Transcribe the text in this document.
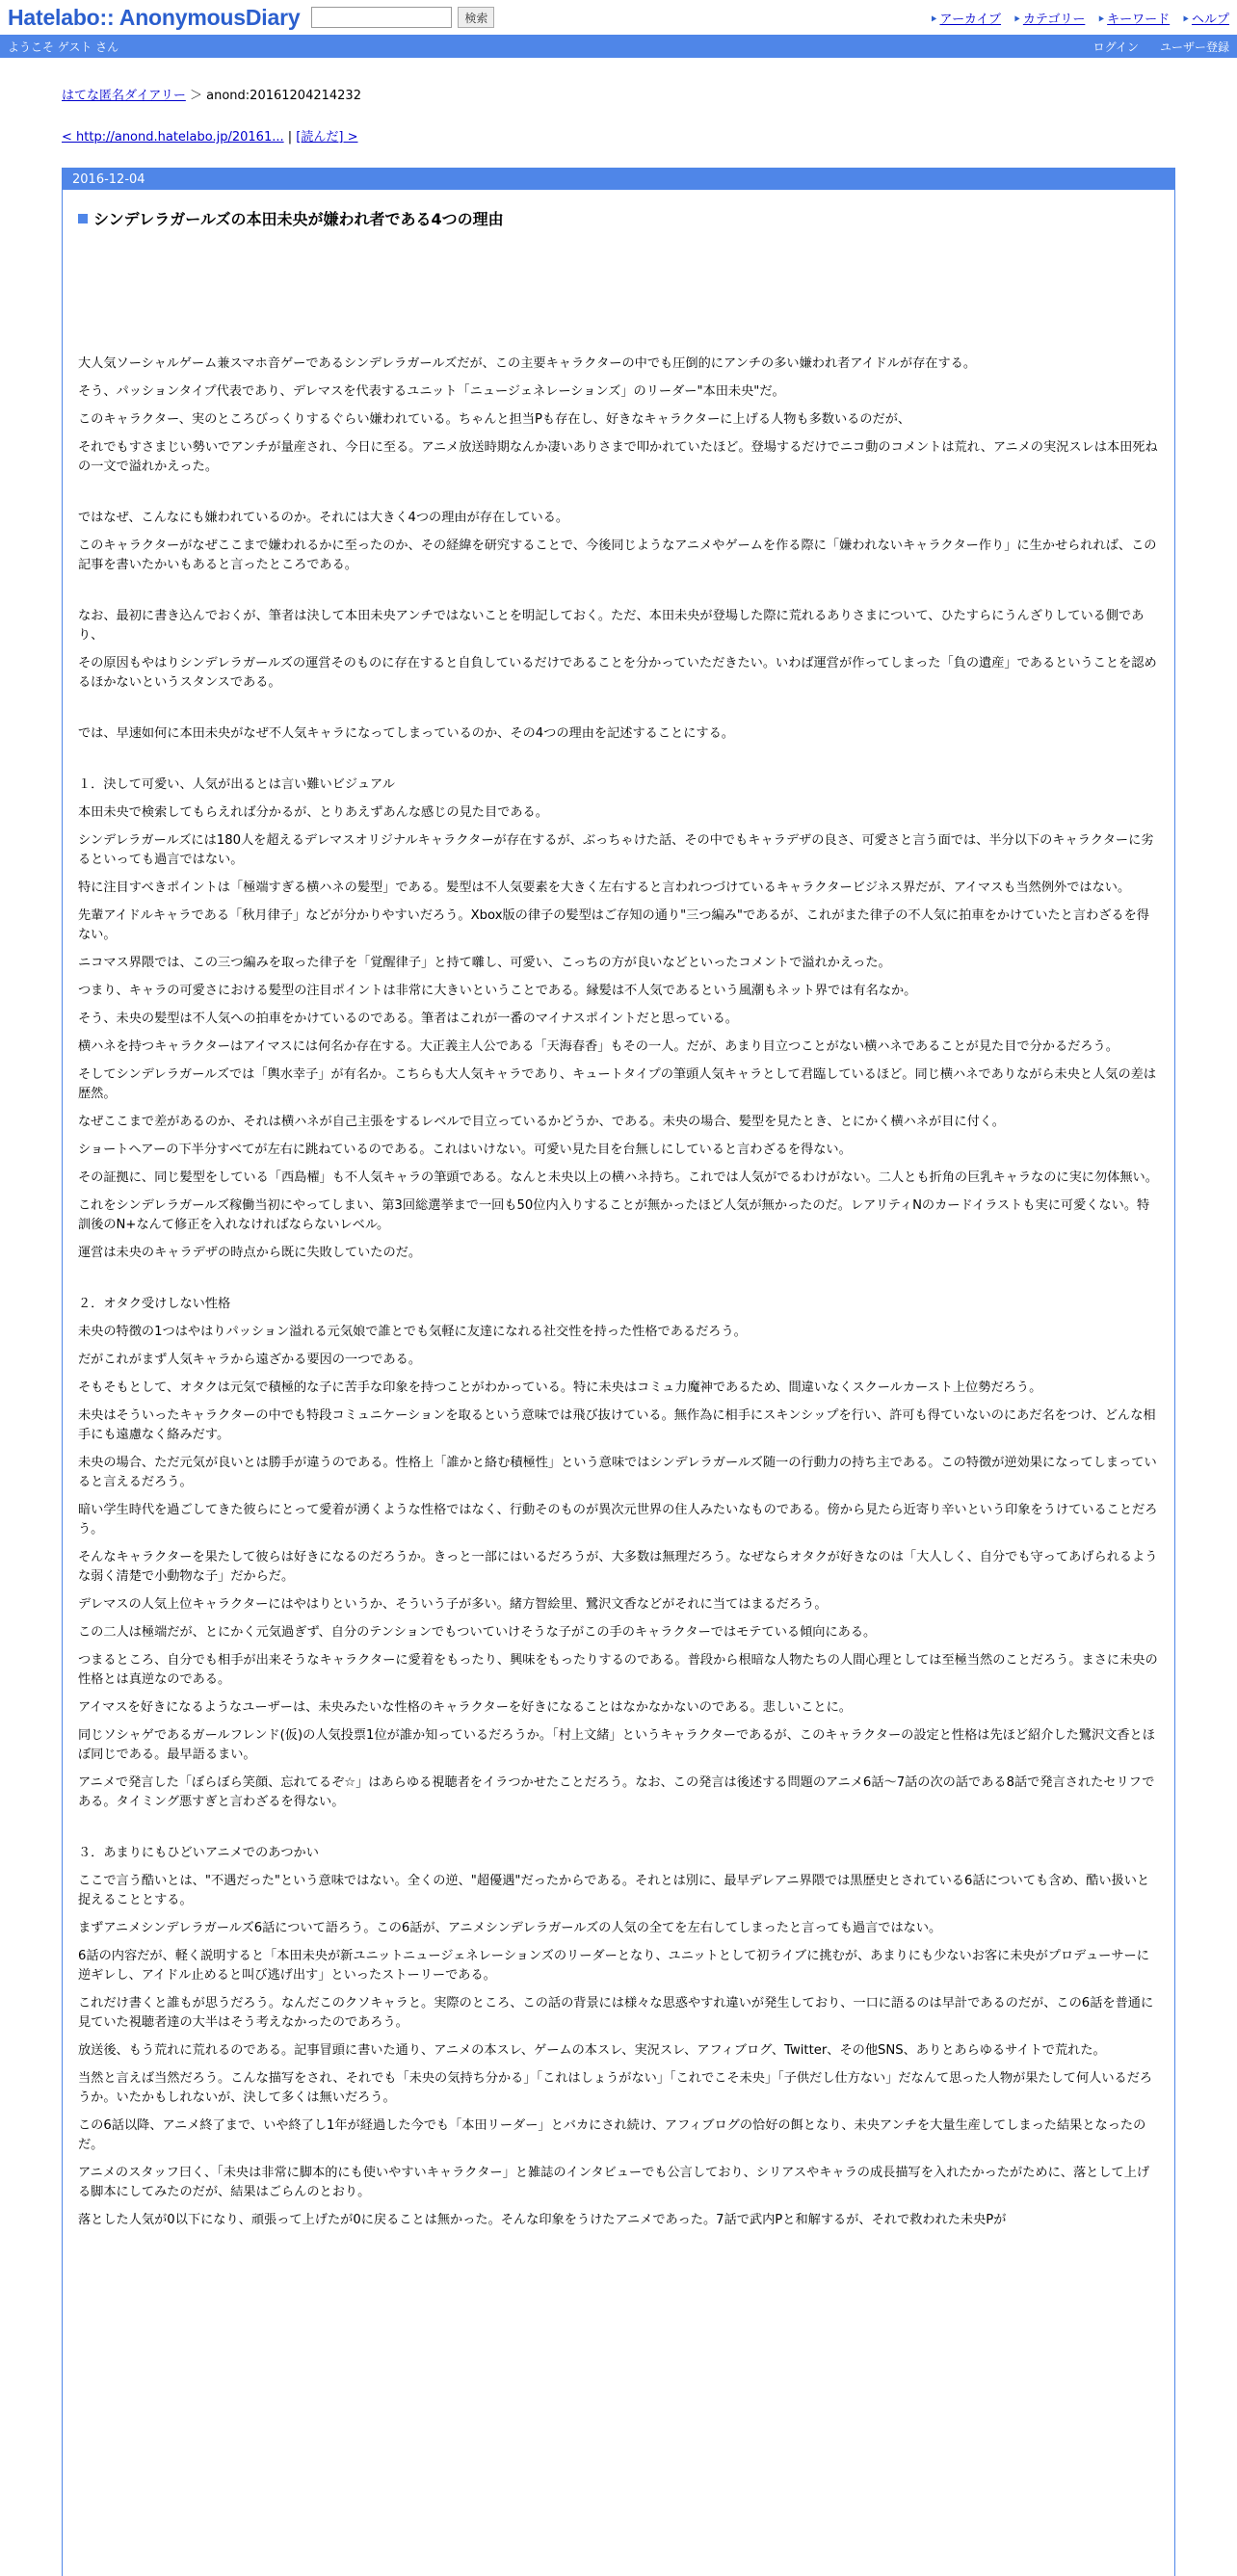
Hatelabo:: AnonymousDiary	検索	⯈ アーカイブ ⯈ カテゴリー ⯈ キーワード ⯈ ヘルプ
ようこそ ゲスト さん	ログイン ユーザー登録
はてな匿名ダイアリー ＞ anond:20161204214232
< http://anond.hatelabo.jp/20161... | [読んだ] >
2016-12-04
シンデレラガールズの本田未央が嫌われ者である4つの理由

大人気ソーシャルゲーム兼スマホ音ゲーであるシンデレラガールズだが、この主要キャラクターの中でも圧倒的にアンチの多い嫌われ者アイドルが存在する。

そう、パッションタイプ代表であり、デレマスを代表するユニット「ニュージェネレーションズ」のリーダー"本田未央"だ。

このキャラクター、実のところびっくりするぐらい嫌われている。ちゃんと担当Pも存在し、好きなキャラクターに上げる人物も多数いるのだが、

それでもすさまじい勢いでアンチが量産され、今日に至る。アニメ放送時期なんか凄いありさまで叩かれていたほど。登場するだけでニコ動のコメントは荒れ、アニメの実況スレは本田死ねの一文で溢れかえった。

ではなぜ、こんなにも嫌われているのか。それには大きく4つの理由が存在している。

このキャラクターがなぜここまで嫌われるかに至ったのか、その経緯を研究することで、今後同じようなアニメやゲームを作る際に「嫌われないキャラクター作り」に生かせられれば、この記事を書いたかいもあると言ったところである。

なお、最初に書き込んでおくが、筆者は決して本田未央アンチではないことを明記しておく。ただ、本田未央が登場した際に荒れるありさまについて、ひたすらにうんざりしている側であり、

その原因もやはりシンデレラガールズの運営そのものに存在すると自負しているだけであることを分かっていただきたい。いわば運営が作ってしまった「負の遺産」であるということを認めるほかないというスタンスである。

では、早速如何に本田未央がなぜ不人気キャラになってしまっているのか、その4つの理由を記述することにする。

１．決して可愛い、人気が出るとは言い難いビジュアル

本田未央で検索してもらえれば分かるが、とりあえずあんな感じの見た目である。

シンデレラガールズには180人を超えるデレマスオリジナルキャラクターが存在するが、ぶっちゃけた話、その中でもキャラデザの良さ、可愛さと言う面では、半分以下のキャラクターに劣るといっても過言ではない。

特に注目すべきポイントは「極端すぎる横ハネの髪型」である。髪型は不人気要素を大きく左右すると言われつづけているキャラクタービジネス界だが、アイマスも当然例外ではない。

先輩アイドルキャラである「秋月律子」などが分かりやすいだろう。Xbox版の律子の髪型はご存知の通り"三つ編み"であるが、これがまた律子の不人気に拍車をかけていたと言わざるを得ない。

ニコマス界隈では、この三つ編みを取った律子を「覚醒律子」と持て囃し、可愛い、こっちの方が良いなどといったコメントで溢れかえった。

つまり、キャラの可愛さにおける髪型の注目ポイントは非常に大きいということである。縁髪は不人気であるという風潮もネット界では有名なか。

そう、未央の髪型は不人気への拍車をかけているのである。筆者はこれが一番のマイナスポイントだと思っている。

横ハネを持つキャラクターはアイマスには何名か存在する。大正義主人公である「天海春香」もその一人。だが、あまり目立つことがない横ハネであることが見た目で分かるだろう。

そしてシンデレラガールズでは「輿水幸子」が有名か。こちらも大人気キャラであり、キュートタイプの筆頭人気キャラとして君臨しているほど。同じ横ハネでありながら未央と人気の差は歴然。

なぜここまで差があるのか、それは横ハネが自己主張をするレベルで目立っているかどうか、である。未央の場合、髪型を見たとき、とにかく横ハネが目に付く。

ショートヘアーの下半分すべてが左右に跳ねているのである。これはいけない。可愛い見た目を台無しにしていると言わざるを得ない。

その証拠に、同じ髪型をしている「西島櫂」も不人気キャラの筆頭である。なんと未央以上の横ハネ持ち。これでは人気がでるわけがない。二人とも折角の巨乳キャラなのに実に勿体無い。

これをシンデレラガールズ稼働当初にやってしまい、第3回総選挙まで一回も50位内入りすることが無かったほど人気が無かったのだ。レアリティNのカードイラストも実に可愛くない。特訓後のN+なんて修正を入れなければならないレベル。

運営は未央のキャラデザの時点から既に失敗していたのだ。

２．オタク受けしない性格

未央の特徴の1つはやはりパッション溢れる元気娘で誰とでも気軽に友達になれる社交性を持った性格であるだろう。

だがこれがまず人気キャラから遠ざかる要因の一つである。

そもそもとして、オタクは元気で積極的な子に苦手な印象を持つことがわかっている。特に未央はコミュ力魔神であるため、間違いなくスクールカースト上位勢だろう。

未央はそういったキャラクターの中でも特段コミュニケーションを取るという意味では飛び抜けている。無作為に相手にスキンシップを行い、許可も得ていないのにあだ名をつけ、どんな相手にも遠慮なく絡みだす。

未央の場合、ただ元気が良いとは勝手が違うのである。性格上「誰かと絡む積極性」という意味ではシンデレラガールズ随一の行動力の持ち主である。この特徴が逆効果になってしまっていると言えるだろう。

暗い学生時代を過ごしてきた彼らにとって愛着が湧くような性格ではなく、行動そのものが異次元世界の住人みたいなものである。傍から見たら近寄り辛いという印象をうけていることだろう。

そんなキャラクターを果たして彼らは好きになるのだろうか。きっと一部にはいるだろうが、大多数は無理だろう。なぜならオタクが好きなのは「大人しく、自分でも守ってあげられるような弱く清楚で小動物な子」だからだ。

デレマスの人気上位キャラクターにはやはりというか、そういう子が多い。緒方智絵里、鷺沢文香などがそれに当てはまるだろう。

この二人は極端だが、とにかく元気過ぎず、自分のテンションでもついていけそうな子がこの手のキャラクターではモテている傾向にある。

つまるところ、自分でも相手が出来そうなキャラクターに愛着をもったり、興味をもったりするのである。普段から根暗な人物たちの人間心理としては至極当然のことだろう。まさに未央の性格とは真逆なのである。

アイマスを好きになるようなユーザーは、未央みたいな性格のキャラクターを好きになることはなかなかないのである。悲しいことに。

同じソシャゲであるガールフレンド(仮)の人気投票1位が誰か知っているだろうか。「村上文緒」というキャラクターであるが、このキャラクターの設定と性格は先ほど紹介した鷺沢文香とほぼ同じである。最早語るまい。

アニメで発言した「ぼらぼら笑顔、忘れてるぞ☆」はあらゆる視聴者をイラつかせたことだろう。なお、この発言は後述する問題のアニメ6話～7話の次の話である8話で発言されたセリフである。タイミング悪すぎと言わざるを得ない。

３．あまりにもひどいアニメでのあつかい

ここで言う酷いとは、"不遇だった"という意味ではない。全くの逆、"超優遇"だったからである。それとは別に、最早デレアニ界隈では黒歴史とされている6話についても含め、酷い扱いと捉えることとする。

まずアニメシンデレラガールズ6話について語ろう。この6話が、アニメシンデレラガールズの人気の全てを左右してしまったと言っても過言ではない。

6話の内容だが、軽く説明すると「本田未央が新ユニットニュージェネレーションズのリーダーとなり、ユニットとして初ライブに挑むが、あまりにも少ないお客に未央がプロデューサーに逆ギレし、アイドル止めると叫び逃げ出す」といったストーリーである。

これだけ書くと誰もが思うだろう。なんだこのクソキャラと。実際のところ、この話の背景には様々な思惑やすれ違いが発生しており、一口に語るのは早計であるのだが、この6話を普通に見ていた視聴者達の大半はそう考えなかったのであろう。

放送後、もう荒れに荒れるのである。記事冒頭に書いた通り、アニメの本スレ、ゲームの本スレ、実況スレ、アフィブログ、Twitter、その他SNS、ありとあらゆるサイトで荒れた。

当然と言えば当然だろう。こんな描写をされ、それでも「未央の気持ち分かる」「これはしょうがない」「これでこそ未央」「子供だし仕方ない」だなんて思った人物が果たして何人いるだろうか。いたかもしれないが、決して多くは無いだろう。

この6話以降、アニメ終了まで、いや終了し1年が経過した今でも「本田リーダー」とバカにされ続け、アフィブログの恰好の餌となり、未央アンチを大量生産してしまった結果となったのだ。

アニメのスタッフ曰く、「未央は非常に脚本的にも使いやすいキャラクター」と雑誌のインタビューでも公言しており、シリアスやキャラの成長描写を入れたかったがために、落として上げる脚本にしてみたのだが、結果はごらんのとおり。

落とした人気が0以下になり、頑張って上げたが0に戻ることは無かった。そんな印象をうけたアニメであった。7話で武内Pと和解するが、それで救われた未央Pが
